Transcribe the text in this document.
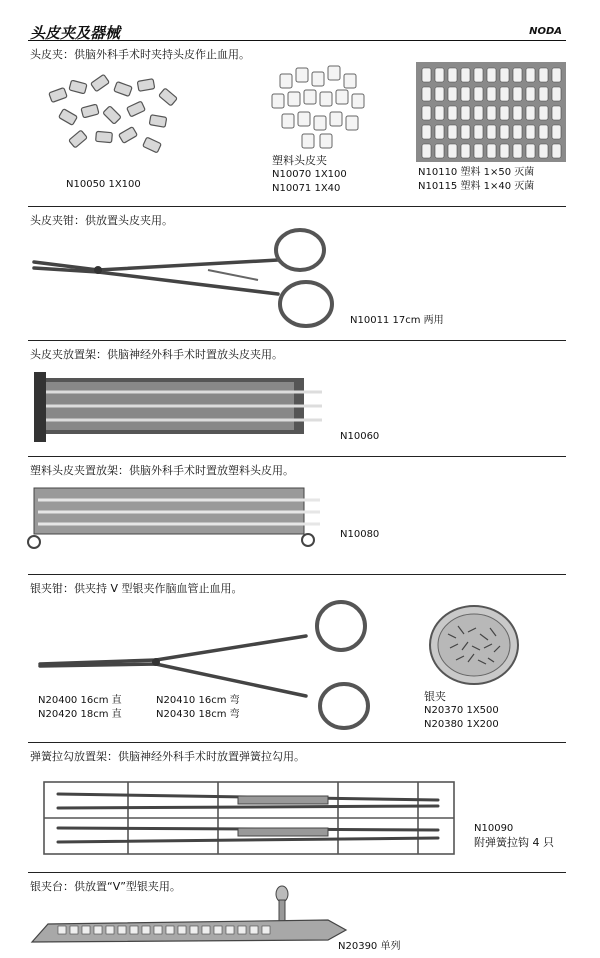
头皮夹及器械	NODA
头皮夹：供脑外科手术时夹持头皮作止血用。
N10050 1X100
塑料头皮夹
N10070 1X100
N10071 1X40
N10110 塑料 1×50 灭菌
N10115 塑料 1×40 灭菌
头皮夹钳：供放置头皮夹用。
N10011 17cm 两用
头皮夹放置架：供脑神经外科手术时置放头皮夹用。
N10060
塑料头皮夹置放架：供脑外科手术时置放塑料头皮用。
N10080
银夹钳：供夹持 V 型银夹作脑血管止血用。
N20400 16cm 直
N20420 18cm 直
N20410 16cm 弯
N20430 18cm 弯
银夹
N20370 1X500
N20380 1X200
弹簧拉勾放置架：供脑神经外科手术时放置弹簧拉勾用。
N10090
附弹簧拉钩 4 只
银夹台：供放置“V”型银夹用。
N20390 单列
